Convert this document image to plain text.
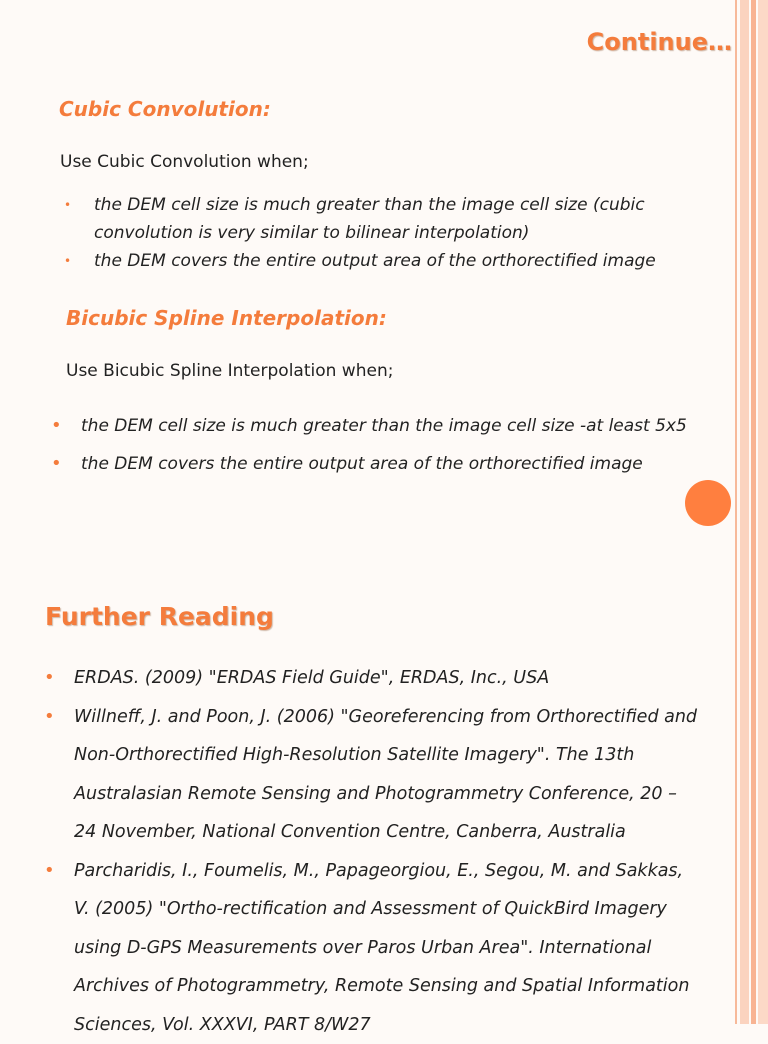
Continue…
Cubic Convolution:
Use Cubic Convolution when;
• the DEM cell size is much greater than the image cell size (cubic convolution is very similar to bilinear interpolation)
• the DEM covers the entire output area of the orthorectified image
Bicubic Spline Interpolation:
Use Bicubic Spline Interpolation when;
• the DEM cell size is much greater than the image cell size -at least 5x5
• the DEM covers the entire output area of the orthorectified image
Further Reading
• ERDAS. (2009) "ERDAS Field Guide", ERDAS, Inc., USA
• Willneff, J. and Poon, J. (2006) "Georeferencing from Orthorectified and Non-Orthorectified High-Resolution Satellite Imagery". The 13th Australasian Remote Sensing and Photogrammetry Conference, 20 – 24 November, National Convention Centre, Canberra, Australia
• Parcharidis, I., Foumelis, M., Papageorgiou, E., Segou, M. and Sakkas, V. (2005) "Ortho-rectification and Assessment of QuickBird Imagery using D-GPS Measurements over Paros Urban Area". International Archives of Photogrammetry, Remote Sensing and Spatial Information Sciences, Vol. XXXVI, PART 8/W27
